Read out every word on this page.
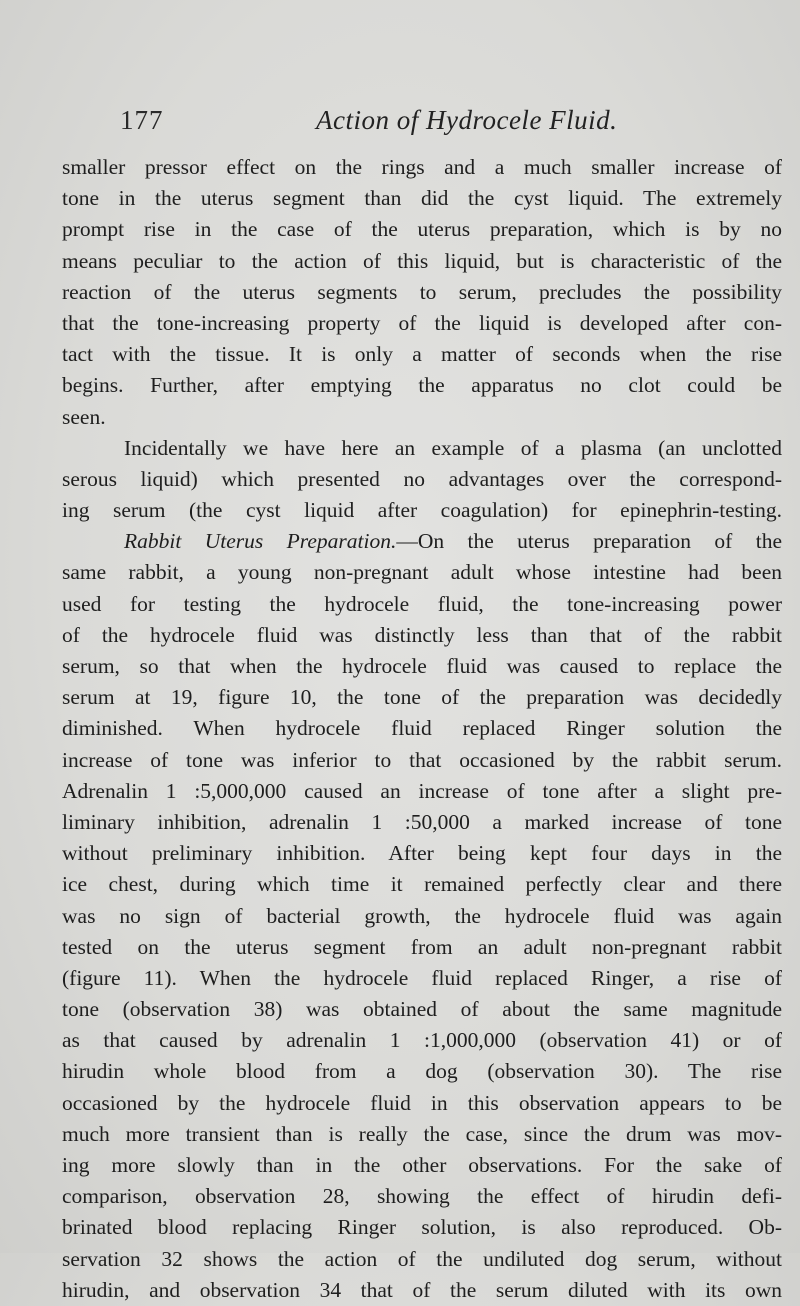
177	Action of Hydrocele Fluid.
smaller pressor effect on the rings and a much smaller increase of
tone in the uterus segment than did the cyst liquid. The extremely
prompt rise in the case of the uterus preparation, which is by no
means peculiar to the action of this liquid, but is characteristic of the
reaction of the uterus segments to serum, precludes the possibility
that the tone-increasing property of the liquid is developed after con-
tact with the tissue. It is only a matter of seconds when the rise
begins. Further, after emptying the apparatus no clot could be
seen.
Incidentally we have here an example of a plasma (an unclotted
serous liquid) which presented no advantages over the correspond-
ing serum (the cyst liquid after coagulation) for epinephrin-testing.
Rabbit Uterus Preparation.—On the uterus preparation of the
same rabbit, a young non-pregnant adult whose intestine had been
used for testing the hydrocele fluid, the tone-increasing power
of the hydrocele fluid was distinctly less than that of the rabbit
serum, so that when the hydrocele fluid was caused to replace the
serum at 19, figure 10, the tone of the preparation was decidedly
diminished. When hydrocele fluid replaced Ringer solution the
increase of tone was inferior to that occasioned by the rabbit serum.
Adrenalin 1 :5,000,000 caused an increase of tone after a slight pre-
liminary inhibition, adrenalin 1 :50,000 a marked increase of tone
without preliminary inhibition. After being kept four days in the
ice chest, during which time it remained perfectly clear and there
was no sign of bacterial growth, the hydrocele fluid was again
tested on the uterus segment from an adult non-pregnant rabbit
(figure 11). When the hydrocele fluid replaced Ringer, a rise of
tone (observation 38) was obtained of about the same magnitude
as that caused by adrenalin 1 :1,000,000 (observation 41) or of
hirudin whole blood from a dog (observation 30). The rise
occasioned by the hydrocele fluid in this observation appears to be
much more transient than is really the case, since the drum was mov-
ing more slowly than in the other observations. For the sake of
comparison, observation 28, showing the effect of hirudin defi-
brinated blood replacing Ringer solution, is also reproduced. Ob-
servation 32 shows the action of the undiluted dog serum, without
hirudin, and observation 34 that of the serum diluted with its own
